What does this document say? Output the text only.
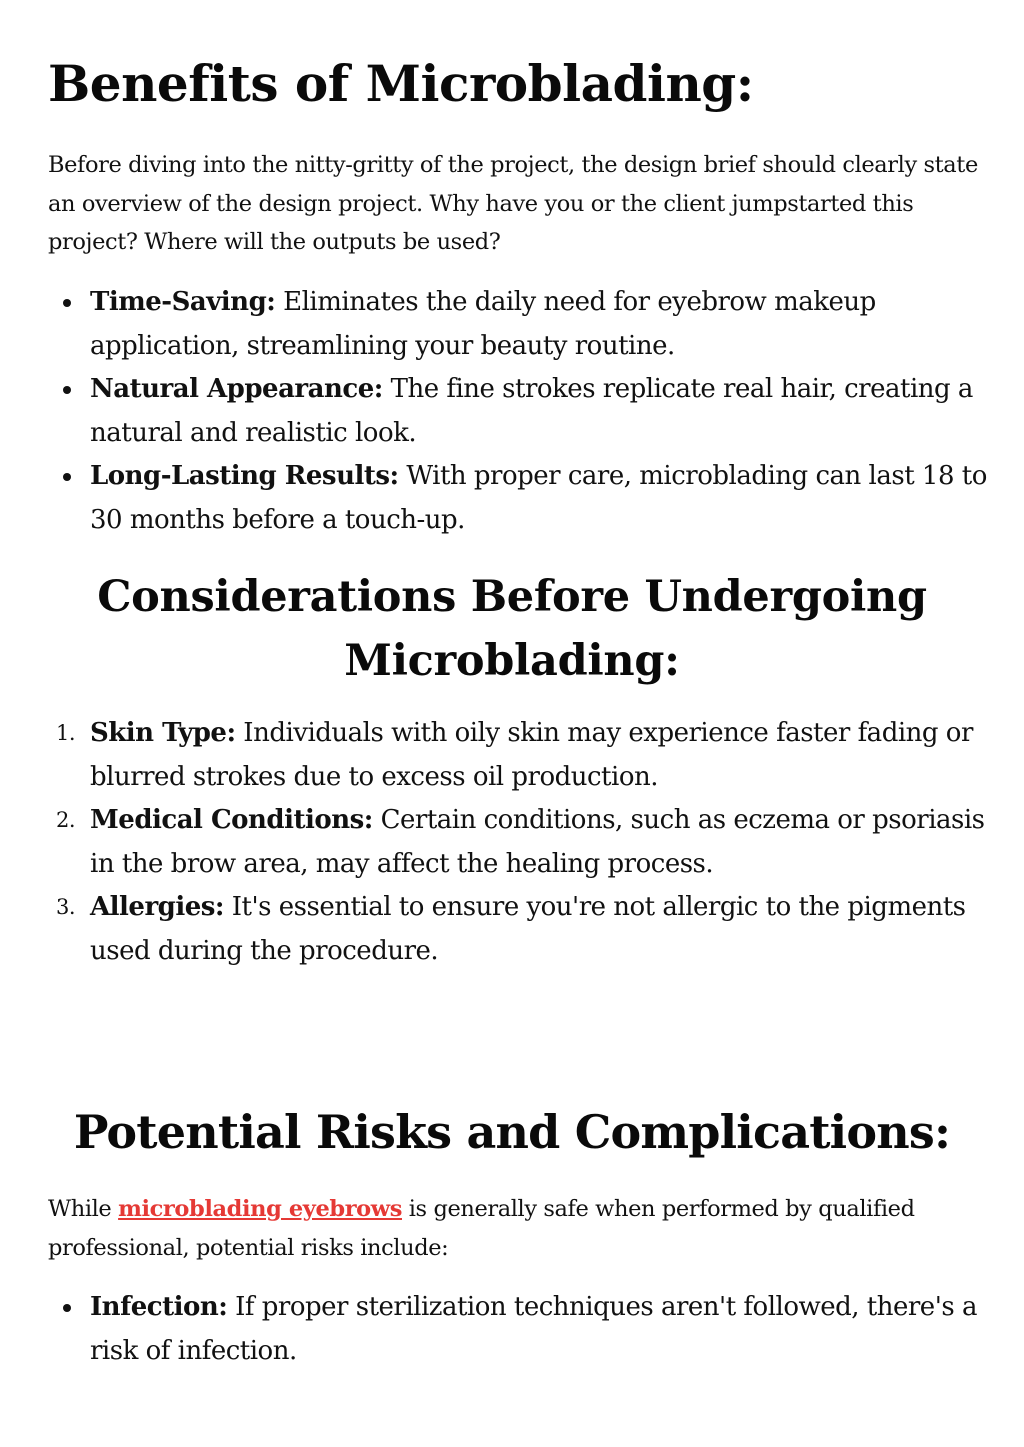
Benefits of Microblading:

Before diving into the nitty-gritty of the project, the design brief should clearly state an overview of the design project. Why have you or the client jumpstarted this project? Where will the outputs be used?

Time-Saving: Eliminates the daily need for eyebrow makeup application, streamlining your beauty routine.
Natural Appearance: The fine strokes replicate real hair, creating a natural and realistic look.
Long-Lasting Results: With proper care, microblading can last 18 to 30 months before a touch-up.
Considerations Before Undergoing Microblading:
1. Skin Type: Individuals with oily skin may experience faster fading or blurred strokes due to excess oil production.
2. Medical Conditions: Certain conditions, such as eczema or psoriasis in the brow area, may affect the healing process.
3. Allergies: It's essential to ensure you're not allergic to the pigments used during the procedure.
Potential Risks and Complications:

While microblading eyebrows is generally safe when performed by qualified professional, potential risks include:

Infection: If proper sterilization techniques aren't followed, there's a risk of infection.
